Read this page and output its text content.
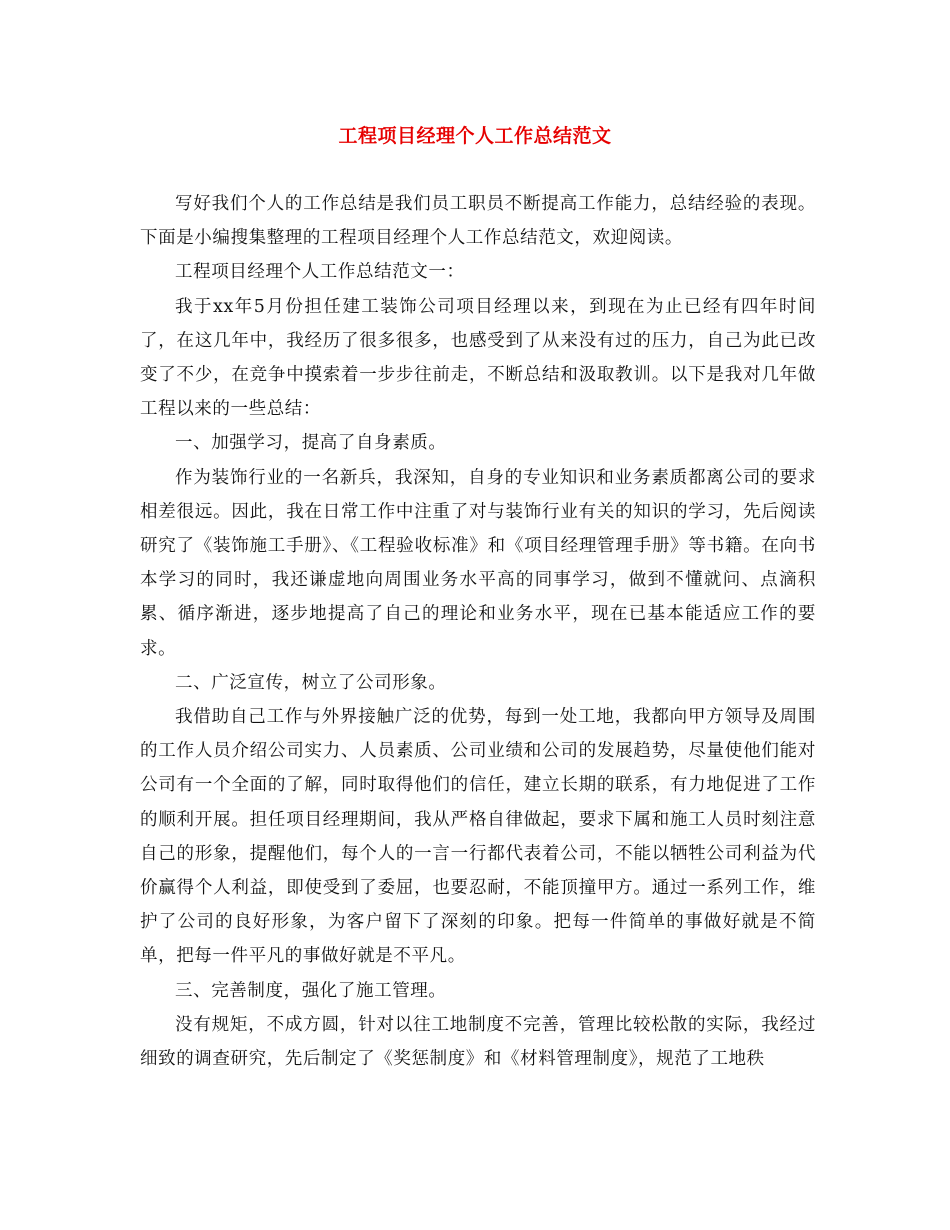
工程项目经理个人工作总结范文

写好我们个人的工作总结是我们员工职员不断提高工作能力，总结经验的表现。下面是小编搜集整理的工程项目经理个人工作总结范文，欢迎阅读。

工程项目经理个人工作总结范文一：

我于xx年5月份担任建工装饰公司项目经理以来，到现在为止已经有四年时间了，在这几年中，我经历了很多很多，也感受到了从来没有过的压力，自己为此已改变了不少，在竞争中摸索着一步步往前走，不断总结和汲取教训。以下是我对几年做工程以来的一些总结：

一、加强学习，提高了自身素质。

作为装饰行业的一名新兵，我深知，自身的专业知识和业务素质都离公司的要求相差很远。因此，我在日常工作中注重了对与装饰行业有关的知识的学习，先后阅读研究了《装饰施工手册》、《工程验收标准》和《项目经理管理手册》等书籍。在向书本学习的同时，我还谦虚地向周围业务水平高的同事学习，做到不懂就问、点滴积累、循序渐进，逐步地提高了自己的理论和业务水平，现在已基本能适应工作的要求。

二、广泛宣传，树立了公司形象。

我借助自己工作与外界接触广泛的优势，每到一处工地，我都向甲方领导及周围的工作人员介绍公司实力、人员素质、公司业绩和公司的发展趋势，尽量使他们能对公司有一个全面的了解，同时取得他们的信任，建立长期的联系，有力地促进了工作的顺利开展。担任项目经理期间，我从严格自律做起，要求下属和施工人员时刻注意自己的形象，提醒他们，每个人的一言一行都代表着公司，不能以牺牲公司利益为代价赢得个人利益，即使受到了委屈，也要忍耐，不能顶撞甲方。通过一系列工作，维护了公司的良好形象，为客户留下了深刻的印象。把每一件简单的事做好就是不简单，把每一件平凡的事做好就是不平凡。

三、完善制度，强化了施工管理。

没有规矩，不成方圆，针对以往工地制度不完善，管理比较松散的实际，我经过细致的调查研究，先后制定了《奖惩制度》和《材料管理制度》，规范了工地秩
